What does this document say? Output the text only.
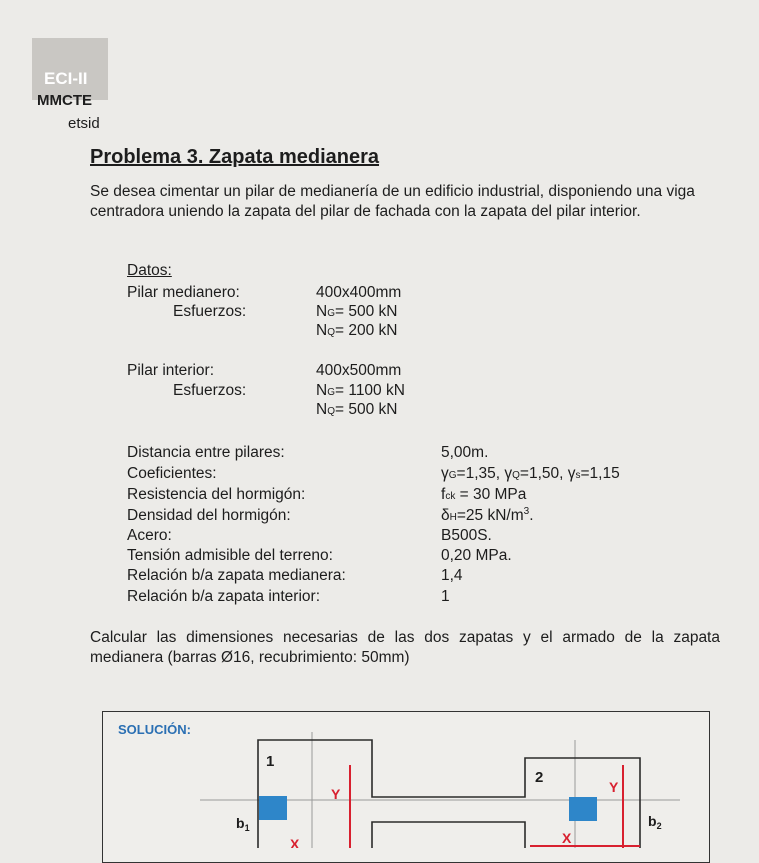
ECI-II
MMCTE
etsid
Problema 3. Zapata medianera
Se desea cimentar un pilar de medianería de un edificio industrial, disponiendo una viga centradora uniendo la zapata del pilar de fachada con la zapata del pilar interior.
Datos:
Pilar medianero:	400x400mm
Esfuerzos:	NG= 500 kN
NQ= 200 kN
Pilar interior:	400x500mm
Esfuerzos:	NG= 1100 kN
NQ= 500 kN
Distancia entre pilares:	5,00m.
Coeficientes:	γG=1,35, γQ=1,50, γs=1,15
Resistencia del hormigón:	fck = 30 MPa
Densidad del hormigón:	δH=25 $kN/m^3$.
Acero:	B500S.
Tensión admisible del terreno:	0,20 MPa.
Relación b/a zapata medianera:	1,4
Relación b/a zapata interior:	1
Calcular las dimensiones necesarias de las dos zapatas y el armado de la zapata medianera (barras Ø16, recubrimiento: 50mm)
SOLUCIÓN:
1
2
Y	Y
X	X
$b_1$	$b_2$
